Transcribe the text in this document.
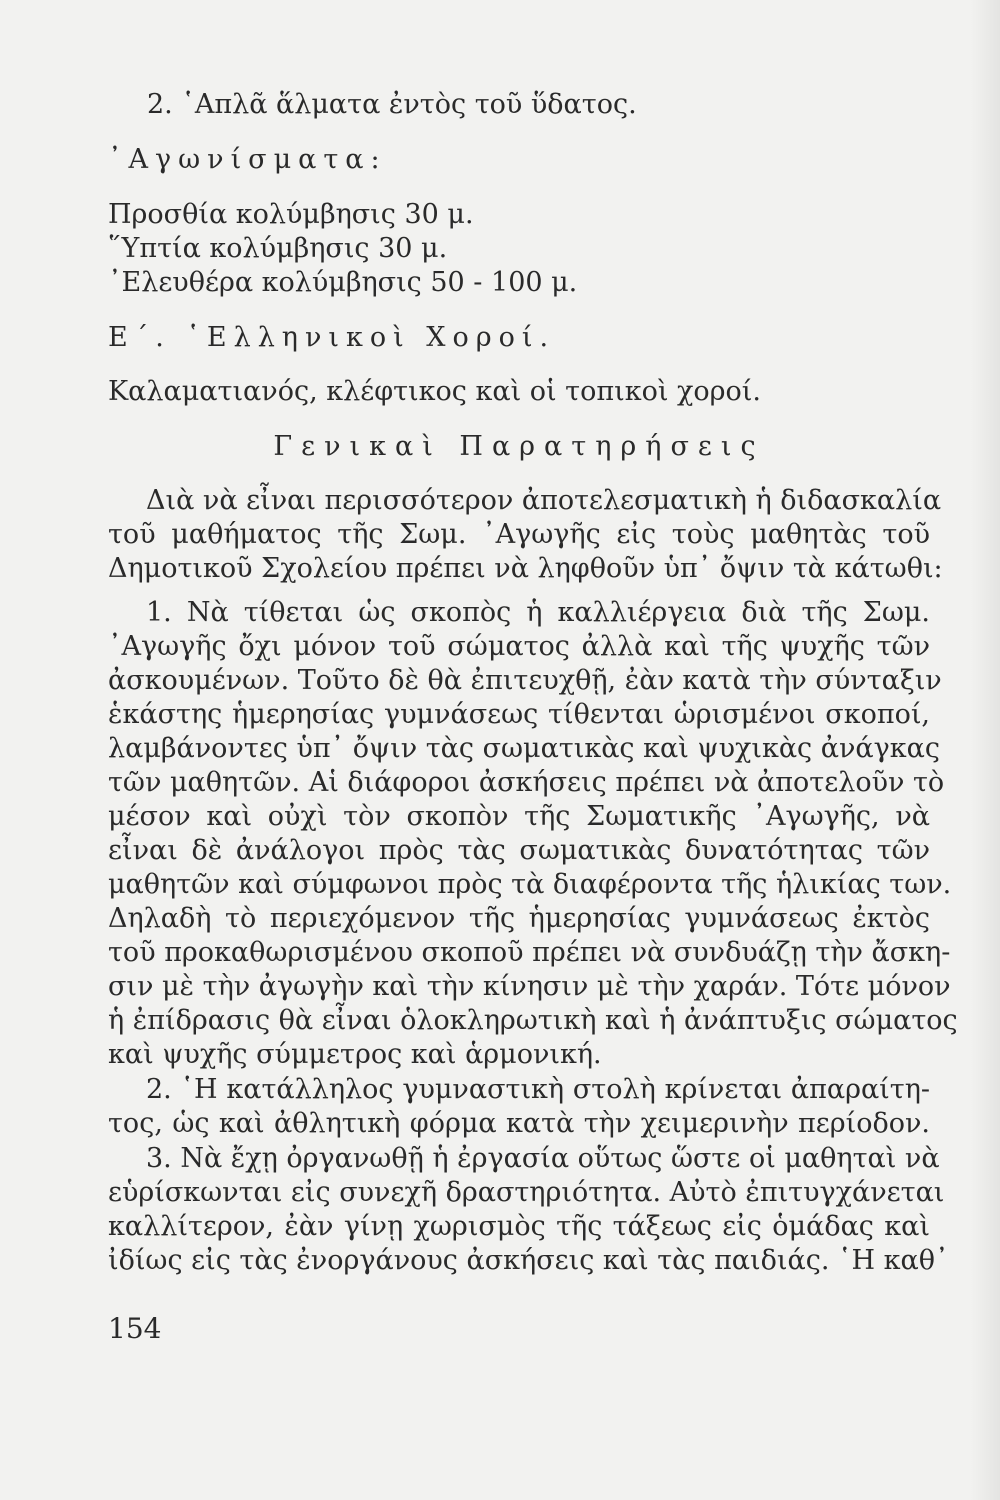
2. ῾Απλᾶ ἅλματα ἐντὸς τοῦ ὕδατος.
᾿Αγωνίσματα:
Προσθία κολύμβησις 30 μ.
῞Υπτία κολύμβησις 30 μ.
᾿Ελευθέρα κολύμβησις 50 - 100 μ.
Ε΄. ῾Ελληνικοὶ Χοροί.
Καλαματιανός, κλέφτικος καὶ οἱ τοπικοὶ χοροί.
Γενικαὶ Παρατηρήσεις
Διὰ νὰ εἶναι περισσότερον ἀποτελεσματικὴ ἡ διδασκαλία
τοῦ μαθήματος τῆς Σωμ. ᾿Αγωγῆς εἰς τοὺς μαθητὰς τοῦ
Δημοτικοῦ Σχολείου πρέπει νὰ ληφθοῦν ὑπ᾿ ὄψιν τὰ κάτωθι:
1. Νὰ τίθεται ὡς σκοπὸς ἡ καλλιέργεια διὰ τῆς Σωμ.
᾿Αγωγῆς ὄχι μόνον τοῦ σώματος ἀλλὰ καὶ τῆς ψυχῆς τῶν
ἀσκουμένων. Τοῦτο δὲ θὰ ἐπιτευχθῇ, ἐὰν κατὰ τὴν σύνταξιν
ἑκάστης ἡμερησίας γυμνάσεως τίθενται ὡρισμένοι σκοποί,
λαμβάνοντες ὑπ᾿ ὄψιν τὰς σωματικὰς καὶ ψυχικὰς ἀνάγκας
τῶν μαθητῶν. Αἱ διάφοροι ἀσκήσεις πρέπει νὰ ἀποτελοῦν τὸ
μέσον καὶ οὐχὶ τὸν σκοπὸν τῆς Σωματικῆς ᾿Αγωγῆς, νὰ
εἶναι δὲ ἀνάλογοι πρὸς τὰς σωματικὰς δυνατότητας τῶν
μαθητῶν καὶ σύμφωνοι πρὸς τὰ διαφέροντα τῆς ἡλικίας των.
Δηλαδὴ τὸ περιεχόμενον τῆς ἡμερησίας γυμνάσεως ἐκτὸς
τοῦ προκαθωρισμένου σκοποῦ πρέπει νὰ συνδυάζῃ τὴν ἄσκη-
σιν μὲ τὴν ἀγωγὴν καὶ τὴν κίνησιν μὲ τὴν χαράν. Τότε μόνον
ἡ ἐπίδρασις θὰ εἶναι ὁλοκληρωτικὴ καὶ ἡ ἀνάπτυξις σώματος
καὶ ψυχῆς σύμμετρος καὶ ἁρμονική.
2. ῾Η κατάλληλος γυμναστικὴ στολὴ κρίνεται ἀπαραίτη-
τος, ὡς καὶ ἀθλητικὴ φόρμα κατὰ τὴν χειμερινὴν περίοδον.
3. Νὰ ἔχῃ ὀργανωθῇ ἡ ἐργασία οὕτως ὥστε οἱ μαθηταὶ νὰ
εὑρίσκωνται εἰς συνεχῆ δραστηριότητα. Αὐτὸ ἐπιτυγχάνεται
καλλίτερον, ἐὰν γίνῃ χωρισμὸς τῆς τάξεως εἰς ὁμάδας καὶ
ἰδίως εἰς τὰς ἐνοργάνους ἀσκήσεις καὶ τὰς παιδιάς. ῾Η καθ᾿
154
